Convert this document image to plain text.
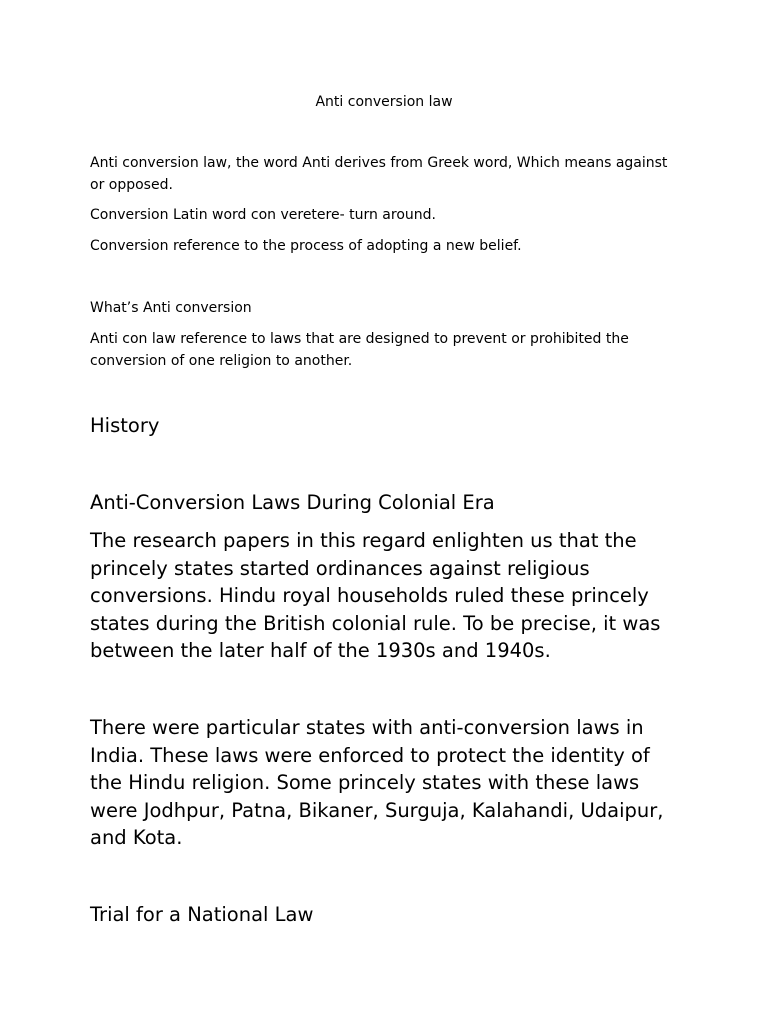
Anti conversion law
Anti conversion law, the word Anti derives from Greek word, Which means against or opposed.
Conversion Latin word con veretere- turn around.
Conversion reference to the process of adopting a new belief.
What’s Anti conversion
Anti con law reference to laws that are designed to prevent or prohibited the conversion of one religion to another.
History
Anti-Conversion Laws During Colonial Era
The research papers in this regard enlighten us that the princely states started ordinances against religious conversions. Hindu royal households ruled these princely states during the British colonial rule. To be precise, it was between the later half of the 1930s and 1940s.
There were particular states with anti-conversion laws in India. These laws were enforced to protect the identity of the Hindu religion. Some princely states with these laws were Jodhpur, Patna, Bikaner, Surguja, Kalahandi, Udaipur, and Kota.
Trial for a National Law
